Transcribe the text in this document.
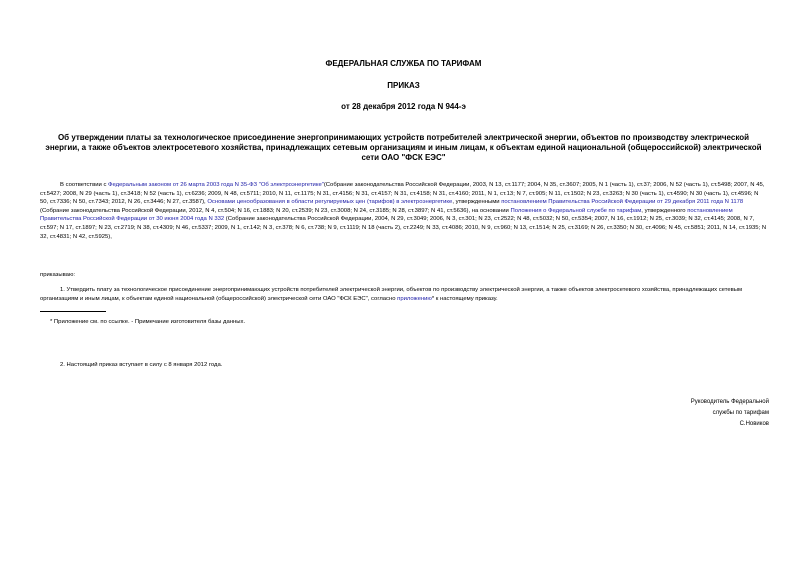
ФЕДЕРАЛЬНАЯ СЛУЖБА ПО ТАРИФАМ
ПРИКАЗ
от 28 декабря 2012 года N 944-э
Об утверждении платы за технологическое присоединение энергопринимающих устройств потребителей электрической энергии, объектов по производству электрической энергии, а также объектов электросетевого хозяйства, принадлежащих сетевым организациям и иным лицам, к объектам единой национальной (общероссийской) электрической сети ОАО "ФСК ЕЭС"
В соответствии с Федеральным законом от 26 марта 2003 года N 35-ФЗ "Об электроэнергетике"(Собрание законодательства Российской Федерации, 2003, N 13, ст.1177; 2004, N 35, ст.3607; 2005, N 1 (часть 1), ст.37; 2006, N 52 (часть 1), ст.5498; 2007, N 45, ст.5427; 2008, N 29 (часть 1), ст.3418; N 52 (часть 1), ст.6236; 2009, N 48, ст.5711; 2010, N 11, ст.1175; N 31, ст.4156; N 31, ст.4157; N 31, ст.4158; N 31, ст.4160; 2011, N 1, ст.13; N 7, ст.905; N 11, ст.1502; N 23, ст.3263; N 30 (часть 1), ст.4590; N 30 (часть 1), ст.4596; N 50, ст.7336; N 50, ст.7343; 2012, N 26, ст.3446; N 27, ст.3587), Основами ценообразования в области регулируемых цен (тарифов) в электроэнергетике, утвержденными постановлением Правительства Российской Федерации от 29 декабря 2011 года N 1178 (Собрание законодательства Российской Федерации, 2012, N 4, ст.504; N 16, ст.1883; N 20, ст.2539; N 23, ст.3008; N 24, ст.3185; N 28, ст.3897; N 41, ст.5636), на основании Положения о Федеральной службе по тарифам, утвержденного постановлением Правительства Российской Федерации от 30 июня 2004 года N 332 (Собрание законодательства Российской Федерации, 2004, N 29, ст.3049; 2006, N 3, ст.301; N 23, ст.2522; N 48, ст.5032; N 50, ст.5354; 2007, N 16, ст.1912; N 25, ст.3039; N 32, ст.4145; 2008, N 7, ст.597; N 17, ст.1897; N 23, ст.2719; N 38, ст.4309; N 46, ст.5337; 2009, N 1, ст.142; N 3, ст.378; N 6, ст.738; N 9, ст.1119; N 18 (часть 2), ст.2249; N 33, ст.4086; 2010, N 9, ст.960; N 13, ст.1514; N 25, ст.3169; N 26, ст.3350; N 30, ст.4096; N 45, ст.5851; 2011, N 14, ст.1935; N 32, ст.4831; N 42, ст.5925),
приказываю:
1. Утвердить плату за технологическое присоединение энергопринимающих устройств потребителей электрической энергии, объектов по производству электрической энергии, а также объектов электросетевого хозяйства, принадлежащих сетевым организациям и иным лицам, к объектам единой национальной (общероссийской) электрической сети ОАО "ФСК ЕЭС", согласно приложению* к настоящему приказу.
* Приложение см. по ссылке. - Примечание изготовителя базы данных.
2. Настоящий приказ вступает в силу с 8 января 2012 года.
Руководитель Федеральной
службы по тарифам
С.Новиков
